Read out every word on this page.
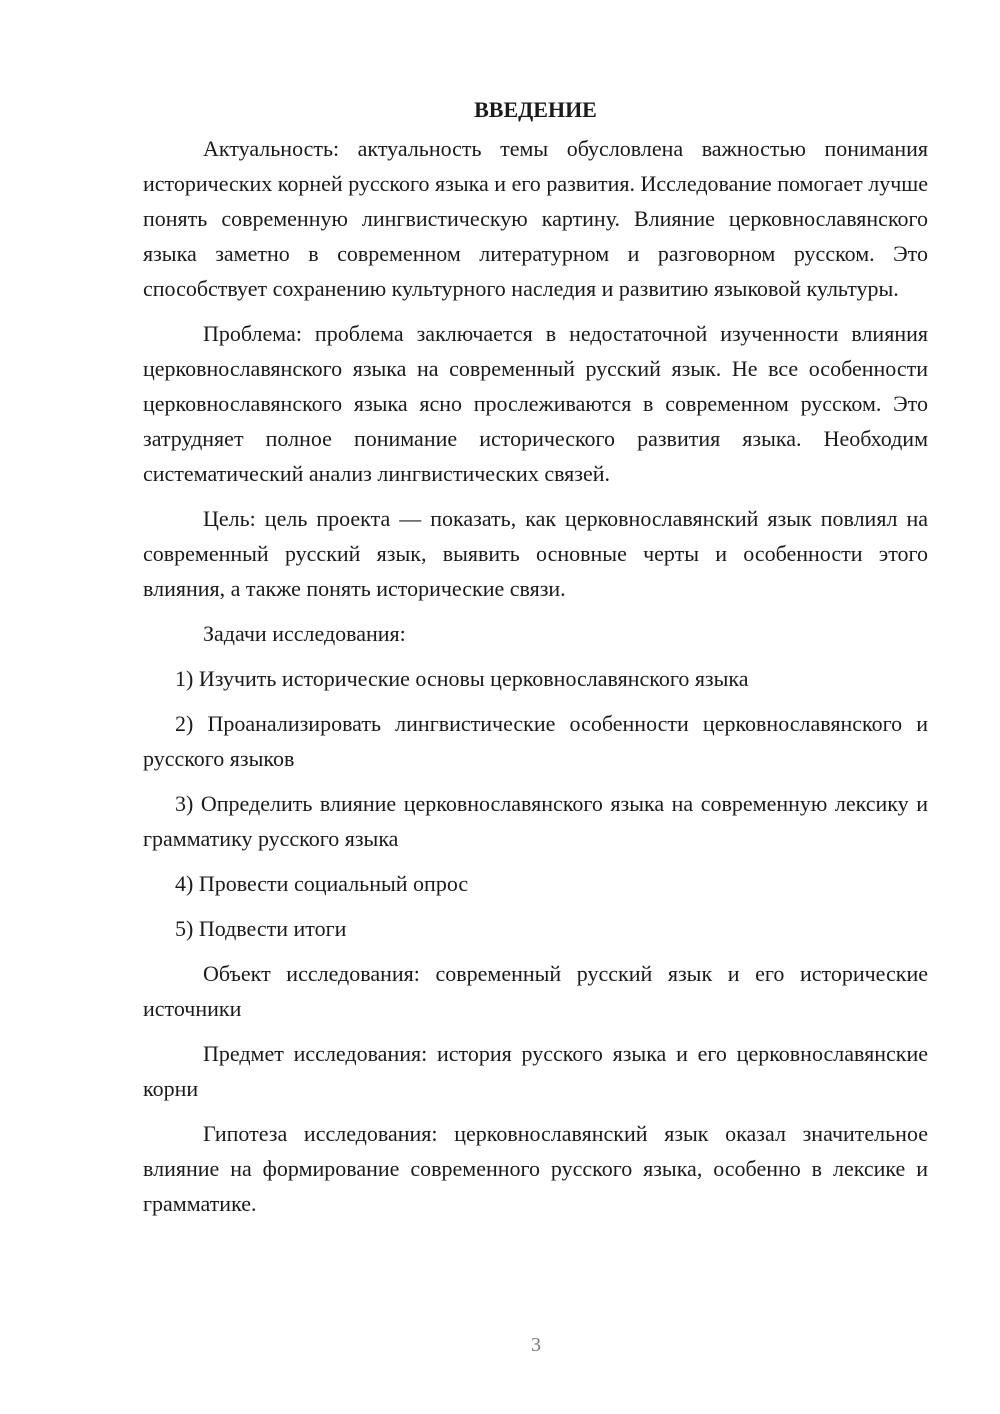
ВВЕДЕНИЕ

Актуальность: актуальность темы обусловлена важностью понимания исторических корней русского языка и его развития. Исследование помогает лучше понять современную лингвистическую картину. Влияние церковнославянского языка заметно в современном литературном и разговорном русском. Это способствует сохранению культурного наследия и развитию языковой культуры.

Проблема: проблема заключается в недостаточной изученности влияния церковнославянского языка на современный русский язык. Не все особенности церковнославянского языка ясно прослеживаются в современном русском. Это затрудняет полное понимание исторического развития языка. Необходим систематический анализ лингвистических связей.

Цель: цель проекта — показать, как церковнославянский язык повлиял на современный русский язык, выявить основные черты и особенности этого влияния, а также понять исторические связи.

Задачи исследования:

1) Изучить исторические основы церковнославянского языка

2) Проанализировать лингвистические особенности церковнославянского и русского языков

3) Определить влияние церковнославянского языка на современную лексику и грамматику русского языка

4) Провести социальный опрос

5) Подвести итоги

Объект исследования: современный русский язык и его исторические источники

Предмет исследования: история русского языка и его церковнославянские корни

Гипотеза исследования: церковнославянский язык оказал значительное влияние на формирование современного русского языка, особенно в лексике и грамматике.

3
